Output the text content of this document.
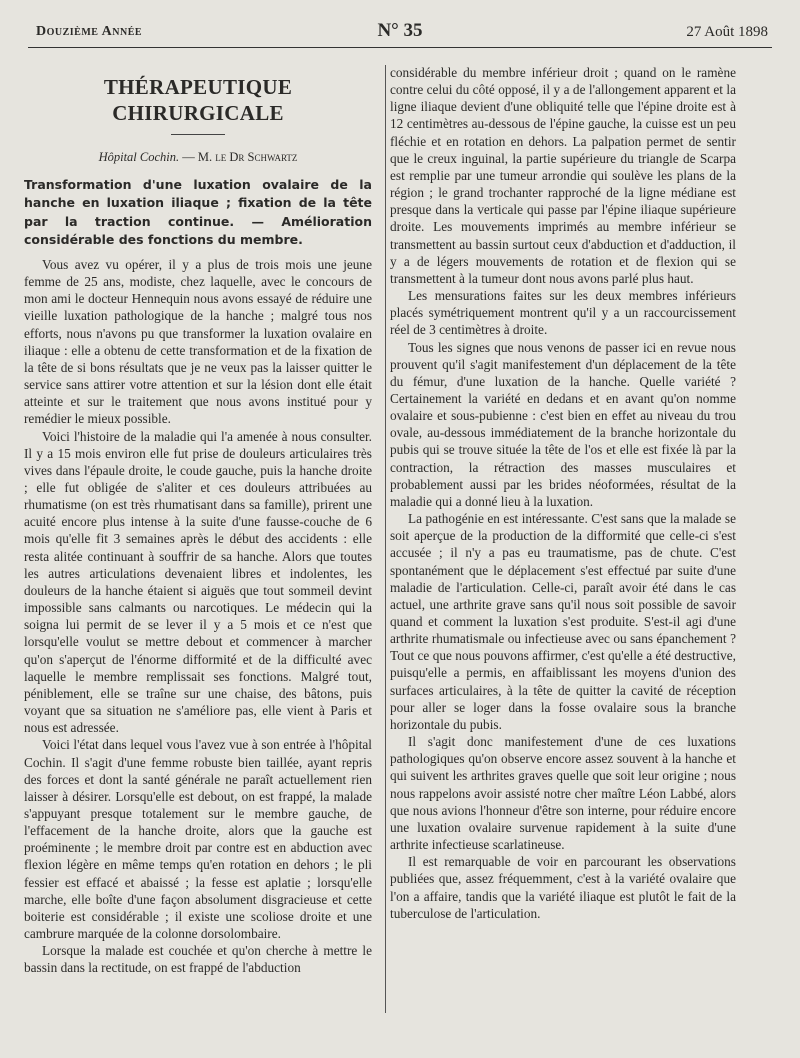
Douzième Année	N° 35	27 Août 1898
THÉRAPEUTIQUE CHIRURGICALE
Hôpital Cochin. — M. le Dr Schwartz
Transformation d'une luxation ovalaire de la hanche en luxation iliaque ; fixation de la tête par la traction continue. — Amélioration considérable des fonctions du membre.

Vous avez vu opérer, il y a plus de trois mois une jeune femme de 25 ans, modiste, chez laquelle, avec le concours de mon ami le docteur Hennequin nous avons essayé de réduire une vieille luxation pathologique de la hanche ; malgré tous nos efforts, nous n'avons pu que transformer la luxation ovalaire en iliaque : elle a obtenu de cette transformation et de la fixation de la tête de si bons résultats que je ne veux pas la laisser quitter le service sans attirer votre attention et sur la lésion dont elle était atteinte et sur le traitement que nous avons institué pour y remédier le mieux possible.

Voici l'histoire de la maladie qui l'a amenée à nous consulter. Il y a 15 mois environ elle fut prise de douleurs articulaires très vives dans l'épaule droite, le coude gauche, puis la hanche droite ; elle fut obligée de s'aliter et ces douleurs attribuées au rhumatisme (on est très rhumatisant dans sa famille), prirent une acuité encore plus intense à la suite d'une fausse-couche de 6 mois qu'elle fit 3 semaines après le début des accidents : elle resta alitée continuant à souffrir de sa hanche. Alors que toutes les autres articulations devenaient libres et indolentes, les douleurs de la hanche étaient si aiguës que tout sommeil devint impossible sans calmants ou narcotiques. Le médecin qui la soigna lui permit de se lever il y a 5 mois et ce n'est que lorsqu'elle voulut se mettre debout et commencer à marcher qu'on s'aperçut de l'énorme difformité et de la difficulté avec laquelle le membre remplissait ses fonctions. Malgré tout, péniblement, elle se traîne sur une chaise, des bâtons, puis voyant que sa situation ne s'améliore pas, elle vient à Paris et nous est adressée.

Voici l'état dans lequel vous l'avez vue à son entrée à l'hôpital Cochin. Il s'agit d'une femme robuste bien taillée, ayant repris des forces et dont la santé générale ne paraît actuellement rien laisser à désirer. Lorsqu'elle est debout, on est frappé, la malade s'appuyant presque totalement sur le membre gauche, de l'effacement de la hanche droite, alors que la gauche est proéminente ; le membre droit par contre est en abduction avec flexion légère en même temps qu'en rotation en dehors ; le pli fessier est effacé et abaissé ; la fesse est aplatie ; lorsqu'elle marche, elle boîte d'une façon absolument disgracieuse et cette boiterie est considérable ; il existe une scoliose droite et une cambrure marquée de la colonne dorsolombaire.

Lorsque la malade est couchée et qu'on cherche à mettre le bassin dans la rectitude, on est frappé de l'abduction

considérable du membre inférieur droit ; quand on le ramène contre celui du côté opposé, il y a de l'allongement apparent et la ligne iliaque devient d'une obliquité telle que l'épine droite est à 12 centimètres au-dessous de l'épine gauche, la cuisse est un peu fléchie et en rotation en dehors. La palpation permet de sentir que le creux inguinal, la partie supérieure du triangle de Scarpa est remplie par une tumeur arrondie qui soulève les plans de la région ; le grand trochanter rapproché de la ligne médiane est presque dans la verticale qui passe par l'épine iliaque supérieure droite. Les mouvements imprimés au membre inférieur se transmettent au bassin surtout ceux d'abduction et d'adduction, il y a de légers mouvements de rotation et de flexion qui se transmettent à la tumeur dont nous avons parlé plus haut.

Les mensurations faites sur les deux membres inférieurs placés symétriquement montrent qu'il y a un raccourcissement réel de 3 centimètres à droite.

Tous les signes que nous venons de passer ici en revue nous prouvent qu'il s'agit manifestement d'un déplacement de la tête du fémur, d'une luxation de la hanche. Quelle variété ? Certainement la variété en dedans et en avant qu'on nomme ovalaire et sous-pubienne : c'est bien en effet au niveau du trou ovale, au-dessous immédiatement de la branche horizontale du pubis qui se trouve située la tête de l'os et elle est fixée là par la contraction, la rétraction des masses musculaires et probablement aussi par les brides néoformées, résultat de la maladie qui a donné lieu à la luxation.

La pathogénie en est intéressante. C'est sans que la malade se soit aperçue de la production de la difformité que celle-ci s'est accusée ; il n'y a pas eu traumatisme, pas de chute. C'est spontanément que le déplacement s'est effectué par suite d'une maladie de l'articulation. Celle-ci, paraît avoir été dans le cas actuel, une arthrite grave sans qu'il nous soit possible de savoir quand et comment la luxation s'est produite. S'est-il agi d'une arthrite rhumatismale ou infectieuse avec ou sans épanchement ? Tout ce que nous pouvons affirmer, c'est qu'elle a été destructive, puisqu'elle a permis, en affaiblissant les moyens d'union des surfaces articulaires, à la tête de quitter la cavité de réception pour aller se loger dans la fosse ovalaire sous la branche horizontale du pubis.

Il s'agit donc manifestement d'une de ces luxations pathologiques qu'on observe encore assez souvent à la hanche et qui suivent les arthrites graves quelle que soit leur origine ; nous nous rappelons avoir assisté notre cher maître Léon Labbé, alors que nous avions l'honneur d'être son interne, pour réduire encore une luxation ovalaire survenue rapidement à la suite d'une arthrite infectieuse scarlatineuse.

Il est remarquable de voir en parcourant les observations publiées que, assez fréquemment, c'est à la variété ovalaire que l'on a affaire, tandis que la variété iliaque est plutôt le fait de la tuberculose de l'articulation.
